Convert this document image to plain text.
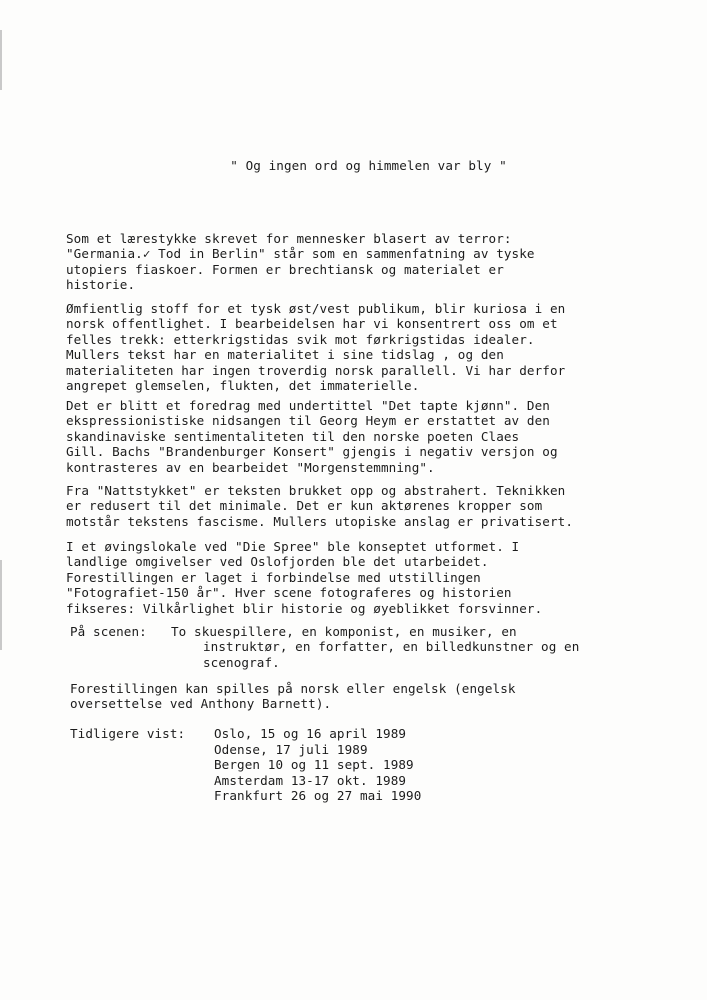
" Og ingen ord og himmelen var bly "
Som et lærestykke skrevet for mennesker blasert av terror:
"Germania.✓ Tod in Berlin" står som en sammenfatning av tyske
utopiers fiaskoer. Formen er brechtiansk og materialet er
historie.
Ømfientlig stoff for et tysk øst/vest publikum, blir kuriosa i en
norsk offentlighet. I bearbeidelsen har vi konsentrert oss om et
felles trekk: etterkrigstidas svik mot førkrigstidas idealer.
Mullers tekst har en materialitet i sine tidslag , og den
materialiteten har ingen troverdig norsk parallell. Vi har derfor
angrepet glemselen, flukten, det immaterielle.
Det er blitt et foredrag med undertittel "Det tapte kjønn". Den
ekspressionistiske nidsangen til Georg Heym er erstattet av den
skandinaviske sentimentaliteten til den norske poeten Claes
Gill. Bachs "Brandenburger Konsert" gjengis i negativ versjon og
kontrasteres av en bearbeidet "Morgenstemmning".
Fra "Nattstykket" er teksten brukket opp og abstrahert. Teknikken
er redusert til det minimale. Det er kun aktørenes kropper som
motstår tekstens fascisme. Mullers utopiske anslag er privatisert.
I et øvingslokale ved "Die Spree" ble konseptet utformet. I
landlige omgivelser ved Oslofjorden ble det utarbeidet.
Forestillingen er laget i forbindelse med utstillingen
"Fotografiet-150 år". Hver scene fotograferes og historien
fikseres: Vilkårlighet blir historie og øyeblikket forsvinner.
På scenen: To skuespillere, en komponist, en musiker, en
instruktør, en forfatter, en billedkunstner og en
scenograf.
Forestillingen kan spilles på norsk eller engelsk (engelsk
oversettelse ved Anthony Barnett).
Tidligere vist: Oslo, 15 og 16 april 1989
Odense, 17 juli 1989
Bergen 10 og 11 sept. 1989
Amsterdam 13-17 okt. 1989
Frankfurt 26 og 27 mai 1990
